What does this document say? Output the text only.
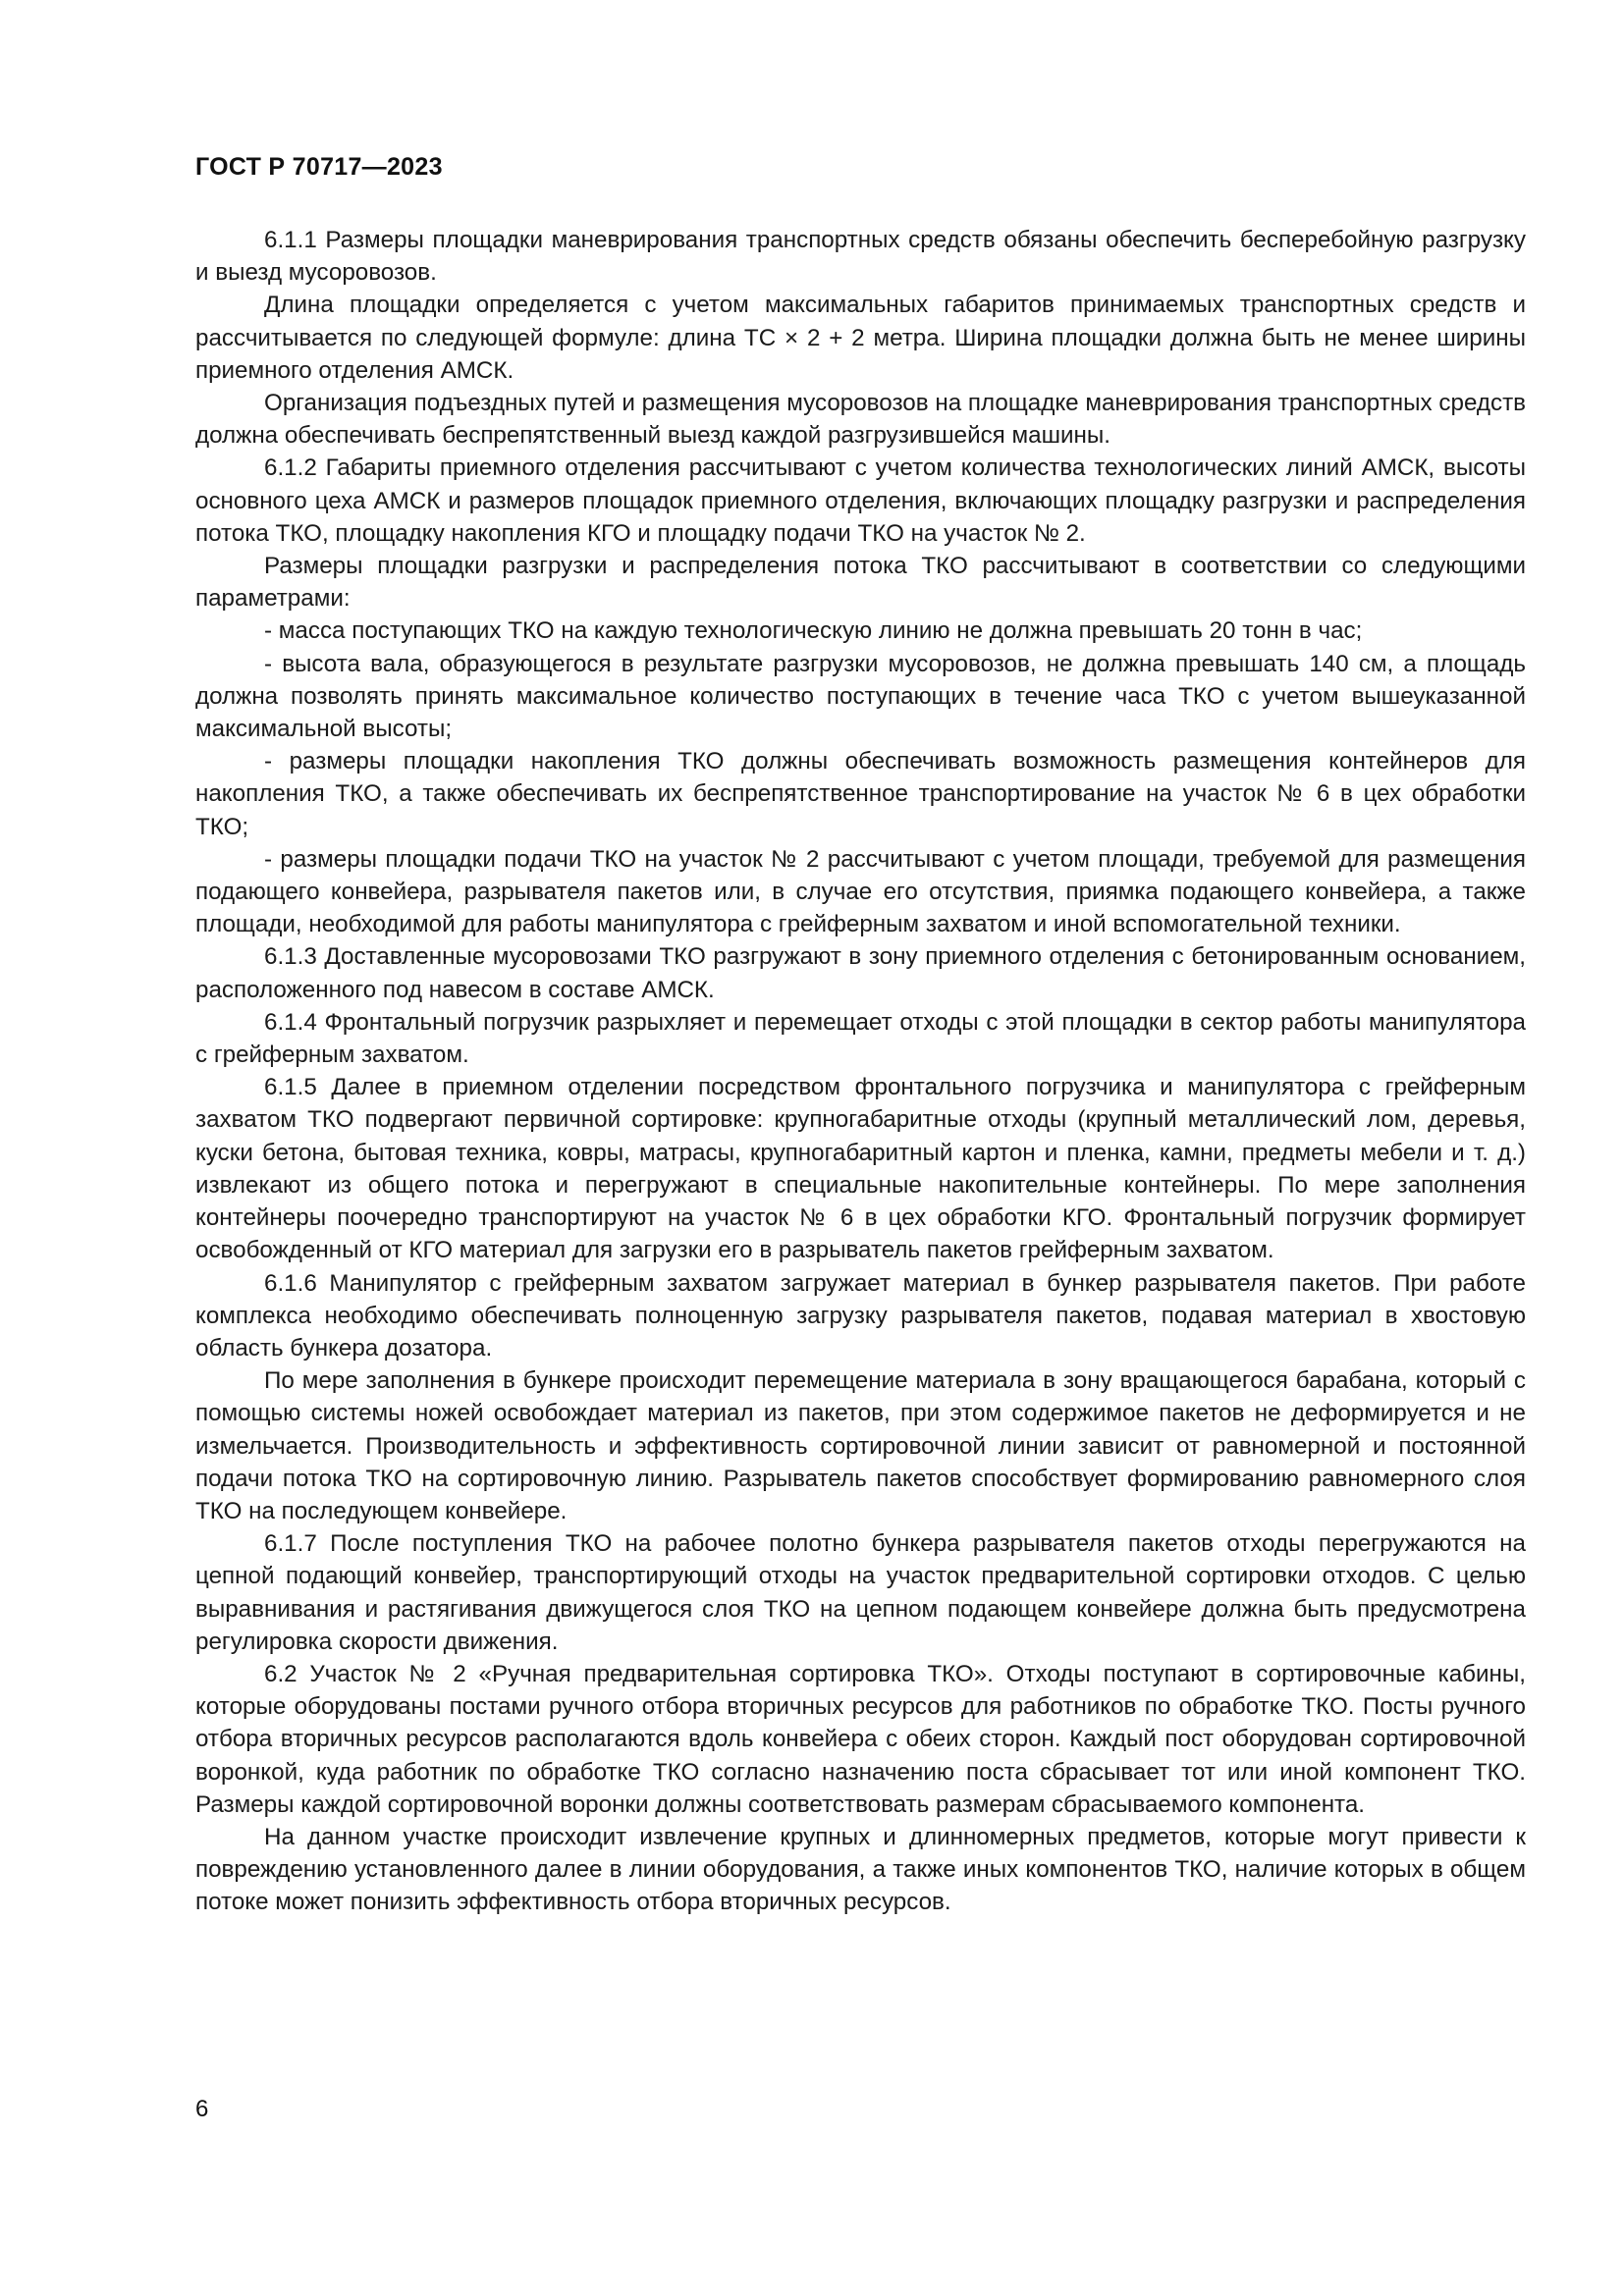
ГОСТ Р 70717—2023

6.1.1 Размеры площадки маневрирования транспортных средств обязаны обеспечить бесперебойную разгрузку и выезд мусоровозов.

Длина площадки определяется с учетом максимальных габаритов принимаемых транспортных средств и рассчитывается по следующей формуле: длина ТС × 2 + 2 метра. Ширина площадки должна быть не менее ширины приемного отделения АМСК.

Организация подъездных путей и размещения мусоровозов на площадке маневрирования транспортных средств должна обеспечивать беспрепятственный выезд каждой разгрузившейся машины.

6.1.2 Габариты приемного отделения рассчитывают с учетом количества технологических линий АМСК, высоты основного цеха АМСК и размеров площадок приемного отделения, включающих площадку разгрузки и распределения потока ТКО, площадку накопления КГО и площадку подачи ТКО на участок № 2.

Размеры площадки разгрузки и распределения потока ТКО рассчитывают в соответствии со следующими параметрами:

- масса поступающих ТКО на каждую технологическую линию не должна превышать 20 тонн в час;

- высота вала, образующегося в результате разгрузки мусоровозов, не должна превышать 140 см, а площадь должна позволять принять максимальное количество поступающих в течение часа ТКО с учетом вышеуказанной максимальной высоты;

- размеры площадки накопления ТКО должны обеспечивать возможность размещения контейнеров для накопления ТКО, а также обеспечивать их беспрепятственное транспортирование на участок № 6 в цех обработки ТКО;

- размеры площадки подачи ТКО на участок № 2 рассчитывают с учетом площади, требуемой для размещения подающего конвейера, разрывателя пакетов или, в случае его отсутствия, приямка подающего конвейера, а также площади, необходимой для работы манипулятора с грейферным захватом и иной вспомогательной техники.

6.1.3 Доставленные мусоровозами ТКО разгружают в зону приемного отделения с бетонированным основанием, расположенного под навесом в составе АМСК.

6.1.4 Фронтальный погрузчик разрыхляет и перемещает отходы с этой площадки в сектор работы манипулятора с грейферным захватом.

6.1.5 Далее в приемном отделении посредством фронтального погрузчика и манипулятора с грейферным захватом ТКО подвергают первичной сортировке: крупногабаритные отходы (крупный металлический лом, деревья, куски бетона, бытовая техника, ковры, матрасы, крупногабаритный картон и пленка, камни, предметы мебели и т. д.) извлекают из общего потока и перегружают в специальные накопительные контейнеры. По мере заполнения контейнеры поочередно транспортируют на участок № 6 в цех обработки КГО. Фронтальный погрузчик формирует освобожденный от КГО материал для загрузки его в разрыватель пакетов грейферным захватом.

6.1.6 Манипулятор с грейферным захватом загружает материал в бункер разрывателя пакетов. При работе комплекса необходимо обеспечивать полноценную загрузку разрывателя пакетов, подавая материал в хвостовую область бункера дозатора.

По мере заполнения в бункере происходит перемещение материала в зону вращающегося барабана, который с помощью системы ножей освобождает материал из пакетов, при этом содержимое пакетов не деформируется и не измельчается. Производительность и эффективность сортировочной линии зависит от равномерной и постоянной подачи потока ТКО на сортировочную линию. Разрыватель пакетов способствует формированию равномерного слоя ТКО на последующем конвейере.

6.1.7 После поступления ТКО на рабочее полотно бункера разрывателя пакетов отходы перегружаются на цепной подающий конвейер, транспортирующий отходы на участок предварительной сортировки отходов. С целью выравнивания и растягивания движущегося слоя ТКО на цепном подающем конвейере должна быть предусмотрена регулировка скорости движения.

6.2 Участок № 2 «Ручная предварительная сортировка ТКО». Отходы поступают в сортировочные кабины, которые оборудованы постами ручного отбора вторичных ресурсов для работников по обработке ТКО. Посты ручного отбора вторичных ресурсов располагаются вдоль конвейера с обеих сторон. Каждый пост оборудован сортировочной воронкой, куда работник по обработке ТКО согласно назначению поста сбрасывает тот или иной компонент ТКО. Размеры каждой сортировочной воронки должны соответствовать размерам сбрасываемого компонента.

На данном участке происходит извлечение крупных и длинномерных предметов, которые могут привести к повреждению установленного далее в линии оборудования, а также иных компонентов ТКО, наличие которых в общем потоке может понизить эффективность отбора вторичных ресурсов.

6
